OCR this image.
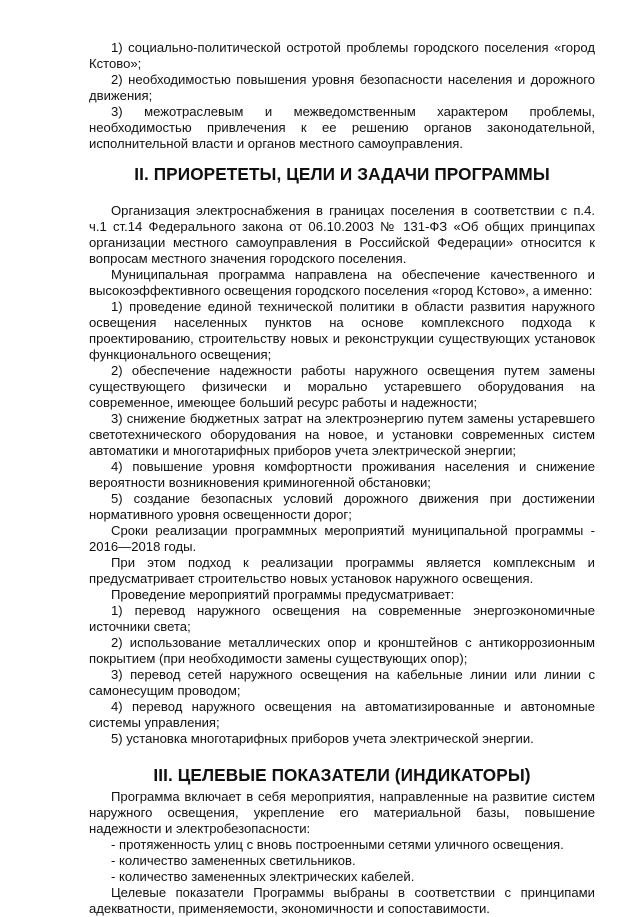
1) социально-политической остротой проблемы городского поселения «город Кстово»;

2) необходимостью повышения уровня безопасности населения и дорожного движения;

3) межотраслевым и межведомственным характером проблемы, необходимостью привлечения к ее решению органов законодательной, исполнительной власти и органов местного самоуправления.

II. ПРИОРЕТЕТЫ, ЦЕЛИ И ЗАДАЧИ ПРОГРАММЫ

Организация электроснабжения в границах поселения в соответствии с п.4. ч.1 ст.14 Федерального закона от 06.10.2003 № 131-ФЗ «Об общих принципах организации местного самоуправления в Российской Федерации» относится к вопросам местного значения городского поселения.

Муниципальная программа направлена на обеспечение качественного и высокоэффективного освещения городского поселения «город Кстово», а именно:

1) проведение единой технической политики в области развития наружного освещения населенных пунктов на основе комплексного подхода к проектированию, строительству новых и реконструкции существующих установок функционального освещения;

2) обеспечение надежности работы наружного освещения путем замены существующего физически и морально устаревшего оборудования на современное, имеющее больший ресурс работы и надежности;

3) снижение бюджетных затрат на электроэнергию путем замены устаревшего светотехнического оборудования на новое, и установки современных систем автоматики и многотарифных приборов учета электрической энергии;

4) повышение уровня комфортности проживания населения и снижение вероятности возникновения криминогенной обстановки;

5) создание безопасных условий дорожного движения при достижении нормативного уровня освещенности дорог;

Сроки реализации программных мероприятий муниципальной программы - 2016—2018 годы.

При этом подход к реализации программы является комплексным и предусматривает строительство новых установок наружного освещения.

Проведение мероприятий программы предусматривает:

1) перевод наружного освещения на современные энергоэкономичные источники света;

2) использование металлических опор и кронштейнов с антикоррозионным покрытием (при необходимости замены существующих опор);

3) перевод сетей наружного освещения на кабельные линии или линии с самонесущим проводом;

4) перевод наружного освещения на автоматизированные и автономные системы управления;

5) установка многотарифных приборов учета электрической энергии.

III. ЦЕЛЕВЫЕ ПОКАЗАТЕЛИ (ИНДИКАТОРЫ)

Программа включает в себя мероприятия, направленные на развитие систем наружного освещения, укрепление его материальной базы, повышение надежности и электробезопасности:

- протяженность улиц с вновь построенными сетями уличного освещения.

- количество замененных светильников.

- количество замененных электрических кабелей.

Целевые показатели Программы выбраны в соответствии с принципами адекватности, применяемости, экономичности и сопоставимости.
